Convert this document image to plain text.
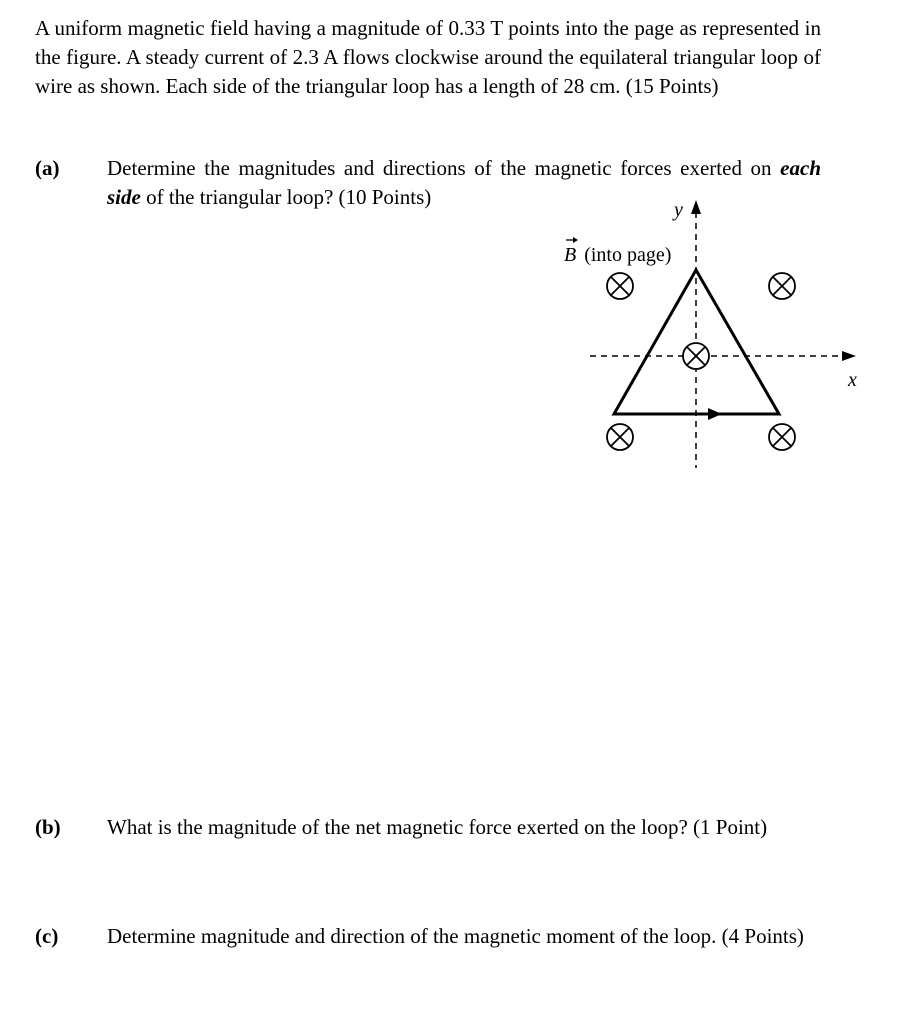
A uniform magnetic field having a magnitude of 0.33 T points into the page as represented in the figure. A steady current of 2.3 A flows clockwise around the equilateral triangular loop of wire as shown. Each side of the triangular loop has a length of 28 cm. (15 Points)

(a) Determine the magnitudes and directions of the magnetic forces exerted on each side of the triangular loop? (10 Points)

y
x
B (into page)
(b) What is the magnitude of the net magnetic force exerted on the loop? (1 Point)

(c) Determine magnitude and direction of the magnetic moment of the loop. (4 Points)
